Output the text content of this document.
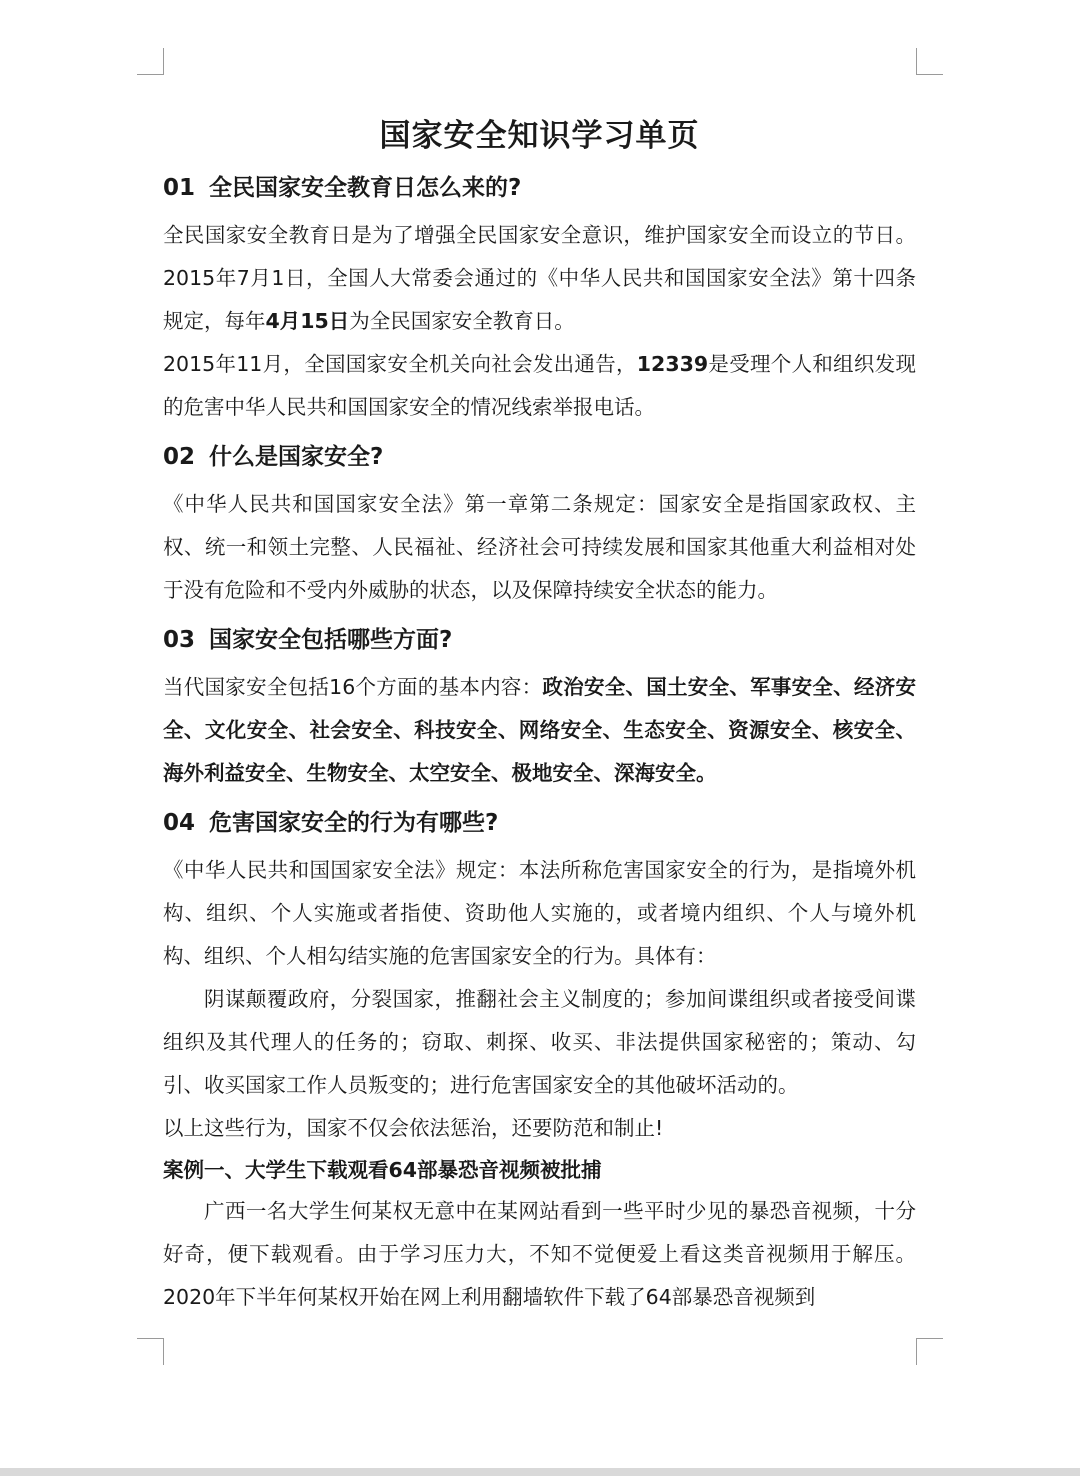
国家安全知识学习单页
01 全民国家安全教育日怎么来的?

全民国家安全教育日是为了增强全民国家安全意识，维护国家安全而设立的节日。2015年7月1日，全国人大常委会通过的《中华人民共和国国家安全法》第十四条规定，每年4月15日为全民国家安全教育日。

2015年11月，全国国家安全机关向社会发出通告，12339是受理个人和组织发现的危害中华人民共和国国家安全的情况线索举报电话。

02 什么是国家安全?

《中华人民共和国国家安全法》第一章第二条规定：国家安全是指国家政权、主权、统一和领土完整、人民福祉、经济社会可持续发展和国家其他重大利益相对处于没有危险和不受内外威胁的状态，以及保障持续安全状态的能力。

03 国家安全包括哪些方面?

当代国家安全包括16个方面的基本内容：政治安全、国土安全、军事安全、经济安全、文化安全、社会安全、科技安全、网络安全、生态安全、资源安全、核安全、海外利益安全、生物安全、太空安全、极地安全、深海安全。

04 危害国家安全的行为有哪些?

《中华人民共和国国家安全法》规定：本法所称危害国家安全的行为，是指境外机构、组织、个人实施或者指使、资助他人实施的，或者境内组织、个人与境外机构、组织、个人相勾结实施的危害国家安全的行为。具体有：

阴谋颠覆政府，分裂国家，推翻社会主义制度的；参加间谍组织或者接受间谍组织及其代理人的任务的；窃取、刺探、收买、非法提供国家秘密的；策动、勾引、收买国家工作人员叛变的；进行危害国家安全的其他破坏活动的。

以上这些行为，国家不仅会依法惩治，还要防范和制止!

案例一、大学生下载观看64部暴恐音视频被批捕

广西一名大学生何某权无意中在某网站看到一些平时少见的暴恐音视频，十分好奇，便下载观看。由于学习压力大，不知不觉便爱上看这类音视频用于解压。2020年下半年何某权开始在网上利用翻墙软件下载了64部暴恐音视频到
